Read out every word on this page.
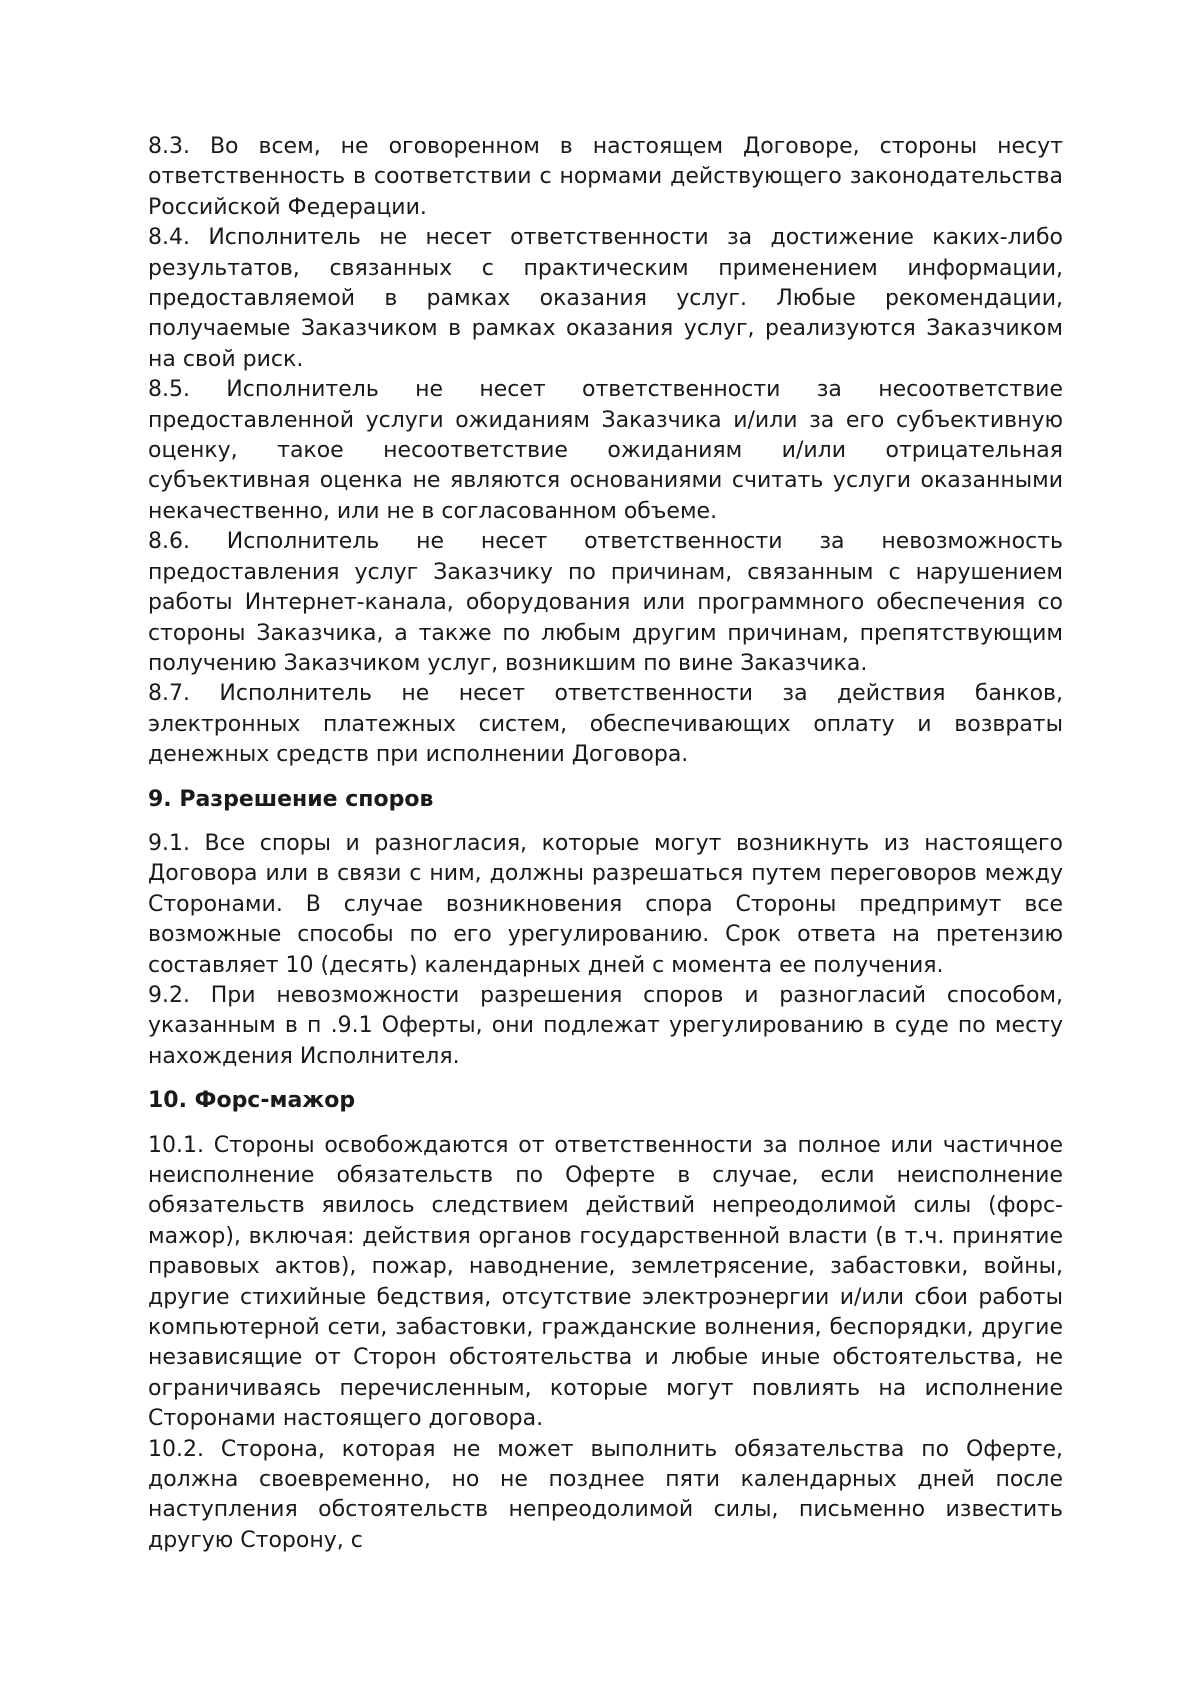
8.3. Во всем, не оговоренном в настоящем Договоре, стороны несут ответственность в соответствии с нормами действующего законодательства Российской Федерации.

8.4. Исполнитель не несет ответственности за достижение каких-либо результатов, связанных с практическим применением информации, предоставляемой в рамках оказания услуг. Любые рекомендации, получаемые Заказчиком в рамках оказания услуг, реализуются Заказчиком на свой риск.

8.5. Исполнитель не несет ответственности за несоответствие предоставленной услуги ожиданиям Заказчика и/или за его субъективную оценку, такое несоответствие ожиданиям и/или отрицательная субъективная оценка не являются основаниями считать услуги оказанными некачественно, или не в согласованном объеме.

8.6. Исполнитель не несет ответственности за невозможность предоставления услуг Заказчику по причинам, связанным с нарушением работы Интернет-канала, оборудования или программного обеспечения со стороны Заказчика, а также по любым другим причинам, препятствующим получению Заказчиком услуг, возникшим по вине Заказчика.

8.7. Исполнитель не несет ответственности за действия банков, электронных платежных систем, обеспечивающих оплату и возвраты денежных средств при исполнении Договора.

9. Разрешение споров

9.1. Все споры и разногласия, которые могут возникнуть из настоящего Договора или в связи с ним, должны разрешаться путем переговоров между Сторонами. В случае возникновения спора Стороны предпримут все возможные способы по его урегулированию. Срок ответа на претензию составляет 10 (десять) календарных дней с момента ее получения.

9.2. При невозможности разрешения споров и разногласий способом, указанным в п .9.1 Оферты, они подлежат урегулированию в суде по месту нахождения Исполнителя.

10. Форс-мажор

10.1. Стороны освобождаются от ответственности за полное или частичное неисполнение обязательств по Оферте в случае, если неисполнение обязательств явилось следствием действий непреодолимой силы (форс-мажор), включая: действия органов государственной власти (в т.ч. принятие правовых актов), пожар, наводнение, землетрясение, забастовки, войны, другие стихийные бедствия, отсутствие электроэнергии и/или сбои работы компьютерной сети, забастовки, гражданские волнения, беспорядки, другие независящие от Сторон обстоятельства и любые иные обстоятельства, не ограничиваясь перечисленным, которые могут повлиять на исполнение Сторонами настоящего договора.

10.2. Сторона, которая не может выполнить обязательства по Оферте, должна своевременно, но не позднее пяти календарных дней после наступления обстоятельств непреодолимой силы, письменно известить другую Сторону, с
